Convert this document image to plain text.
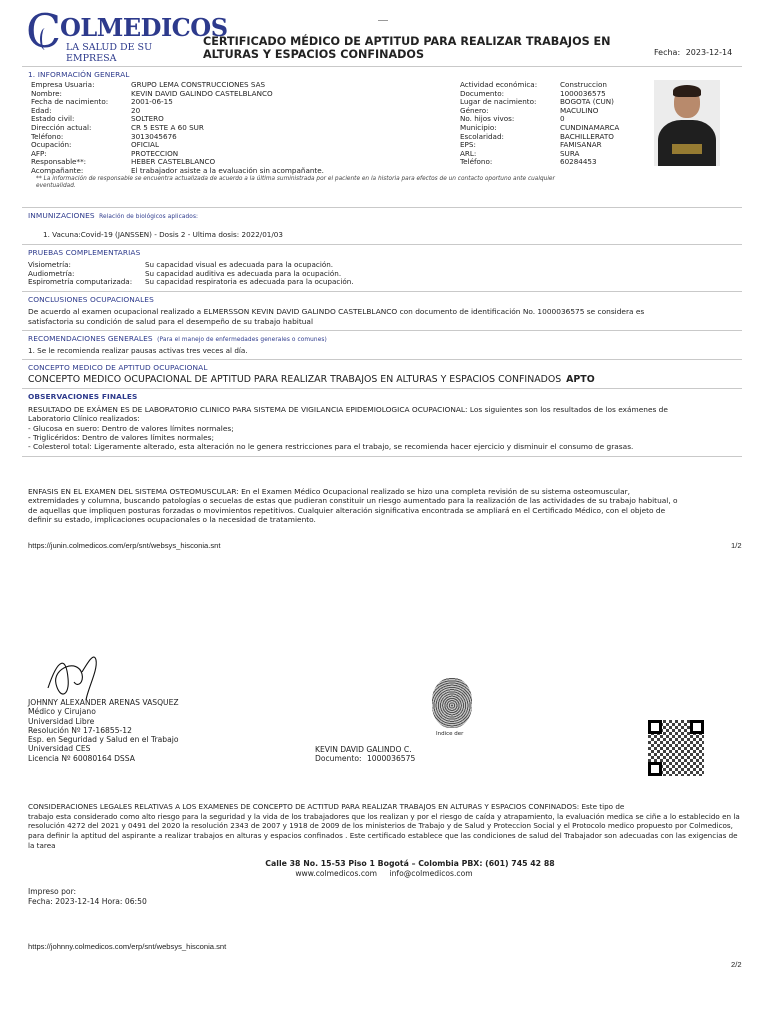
C
OLMEDICOS
LA SALUD DE SU EMPRESA
CERTIFICADO MÉDICO DE APTITUD PARA REALIZAR TRABAJOS EN
ALTURAS Y ESPACIOS CONFINADOS	Fecha: 2023-12-14
1. INFORMACIÓN GENERAL
Empresa Usuaria:	GRUPO LEMA CONSTRUCCIONES SAS
Nombre:	KEVIN DAVID GALINDO CASTELBLANCO
Fecha de nacimiento:	2001-06-15
Edad:	20
Estado civil:	SOLTERO
Dirección actual:	CR 5 ESTE A 60 SUR
Teléfono:	3013045676
Ocupación:	OFICIAL
AFP:	PROTECCION
Responsable**:	HEBER CASTELBLANCO
Acompañante:	El trabajador asiste a la evaluación sin acompañante.
Actividad económica:	Construccion
Documento:	1000036575
Lugar de nacimiento:	BOGOTA (CUN)
Género:	MACULINO
No. hijos vivos:	0
Municipio:	CUNDINAMARCA
Escolaridad:	BACHILLERATO
EPS:	FAMISANAR
ARL:	SURA
Teléfono:	60284453
** La información de responsable se encuentra actualizada de acuerdo a la última suministrada por el paciente en la historia para efectos de un contacto oportuno ante cualquier
eventualidad.
INMUNIZACIONES Relación de biológicos aplicados:
1. Vacuna:Covid-19 (JANSSEN) - Dosis 2 - Ultima dosis: 2022/01/03
PRUEBAS COMPLEMENTARIAS
Visiometría:	Su capacidad visual es adecuada para la ocupación.
Audiometría:	Su capacidad auditiva es adecuada para la ocupación.
Espirometría computarizada:	Su capacidad respiratoria es adecuada para la ocupación.
CONCLUSIONES OCUPACIONALES
De acuerdo al examen ocupacional realizado a ELMERSSON KEVIN DAVID GALINDO CASTELBLANCO con documento de identificación No. 1000036575 se considera es
satisfactoria su condición de salud para el desempeño de su trabajo habitual
RECOMENDACIONES GENERALES (Para el manejo de enfermedades generales o comunes)
1. Se le recomienda realizar pausas activas tres veces al día.
CONCEPTO MEDICO DE APTITUD OCUPACIONAL
CONCEPTO MEDICO OCUPACIONAL DE APTITUD PARA REALIZAR TRABAJOS EN ALTURAS Y ESPACIOS CONFINADOS APTO
OBSERVACIONES FINALES
RESULTADO DE EXÁMEN ES DE LABORATORIO CLINICO PARA SISTEMA DE VIGILANCIA EPIDEMIOLOGICA OCUPACIONAL: Los siguientes son los resultados de los exámenes de
Laboratorio Clínico realizados:
- Glucosa en suero: Dentro de valores límites normales;
- Triglicéridos: Dentro de valores límites normales;
- Colesterol total: Ligeramente alterado, esta alteración no le genera restricciones para el trabajo, se recomienda hacer ejercicio y disminuir el consumo de grasas.
ENFASIS EN EL EXAMEN DEL SISTEMA OSTEOMUSCULAR: En el Examen Médico Ocupacional realizado se hizo una completa revisión de su sistema osteomuscular,
extremidades y columna, buscando patologías o secuelas de estas que pudieran constituir un riesgo aumentado para la realización de las actividades de su trabajo habitual, o
de aquellas que impliquen posturas forzadas o movimientos repetitivos. Cualquier alteración significativa encontrada se ampliará en el Certificado Médico, con el objeto de
definir su estado, implicaciones ocupacionales o la necesidad de tratamiento.
https://junin.colmedicos.com/erp/snt/websys_hisconia.snt	1/2
JOHNNY ALEXANDER ARENAS VASQUEZ
Médico y Cirujano
Universidad Libre
Resolución Nº 17-16855-12
Esp. en Seguridad y Salud en el Trabajo
Universidad CES
Licencia Nº 60080164 DSSA
Indice der
KEVIN DAVID GALINDO C.
Documento: 1000036575
CONSIDERACIONES LEGALES RELATIVAS A LOS EXAMENES DE CONCEPTO DE ACTITUD PARA REALIZAR TRABAJOS EN ALTURAS Y ESPACIOS CONFINADOS: Este tipo de
trabajo esta considerado como alto riesgo para la seguridad y la vida de los trabajadores que los realizan y por el riesgo de caída y atrapamiento, la evaluación medica se ciñe a lo establecido en la
resolución 4272 del 2021 y 0491 del 2020 la resolución 2343 de 2007 y 1918 de 2009 de los ministerios de Trabajo y de Salud y Proteccion Social y el Protocolo medico propuesto por Colmedicos,
para definir la aptitud del aspirante a realizar trabajos en alturas y espacios confinados . Este certificado establece que las condiciones de salud del Trabajador son adecuadas con las exigencias de
la tarea
Calle 38 No. 15-53 Piso 1 Bogotá – Colombia PBX: (601) 745 42 88
www.colmedicos.com info@colmedicos.com
Impreso por:
Fecha: 2023-12-14 Hora: 06:50
https://johnny.colmedicos.com/erp/snt/websys_hisconia.snt
2/2
